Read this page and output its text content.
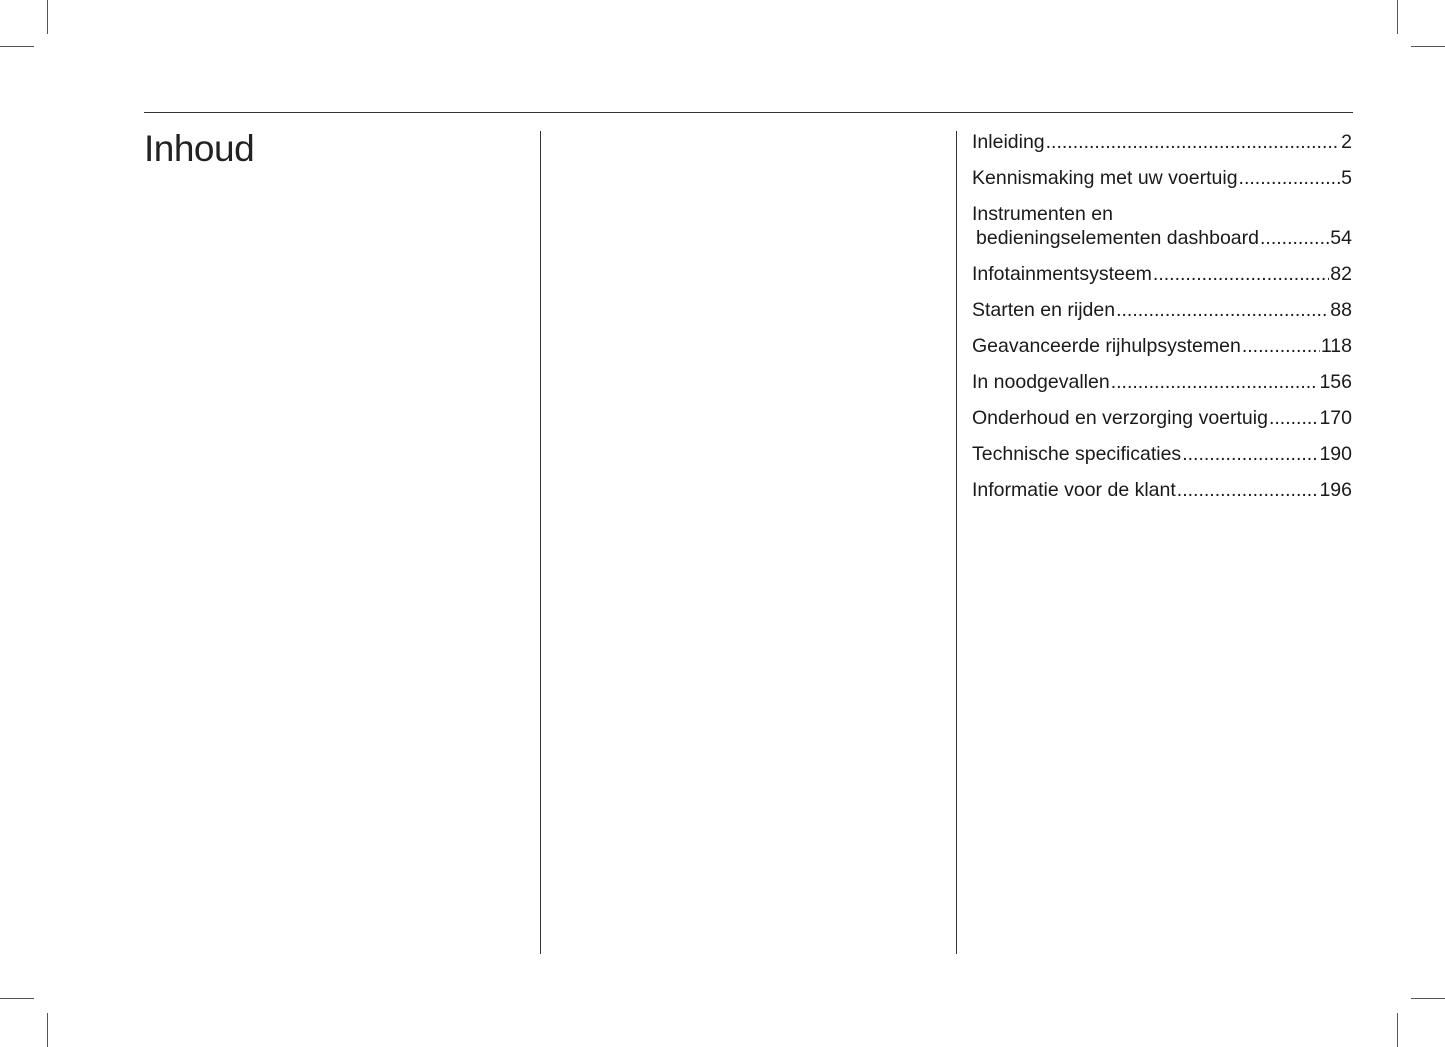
Inhoud	Inleiding .....	2
Kennismaking met uw voertuig .....	5
Instrumenten en
bedieningselementen dashboard .....	54
Infotainmentsysteem .....	82
Starten en rijden .....	88
Geavanceerde rijhulpsystemen .....	118
In noodgevallen .....	156
Onderhoud en verzorging voertuig .....	170
Technische specificaties .....	190
Informatie voor de klant .....	196
